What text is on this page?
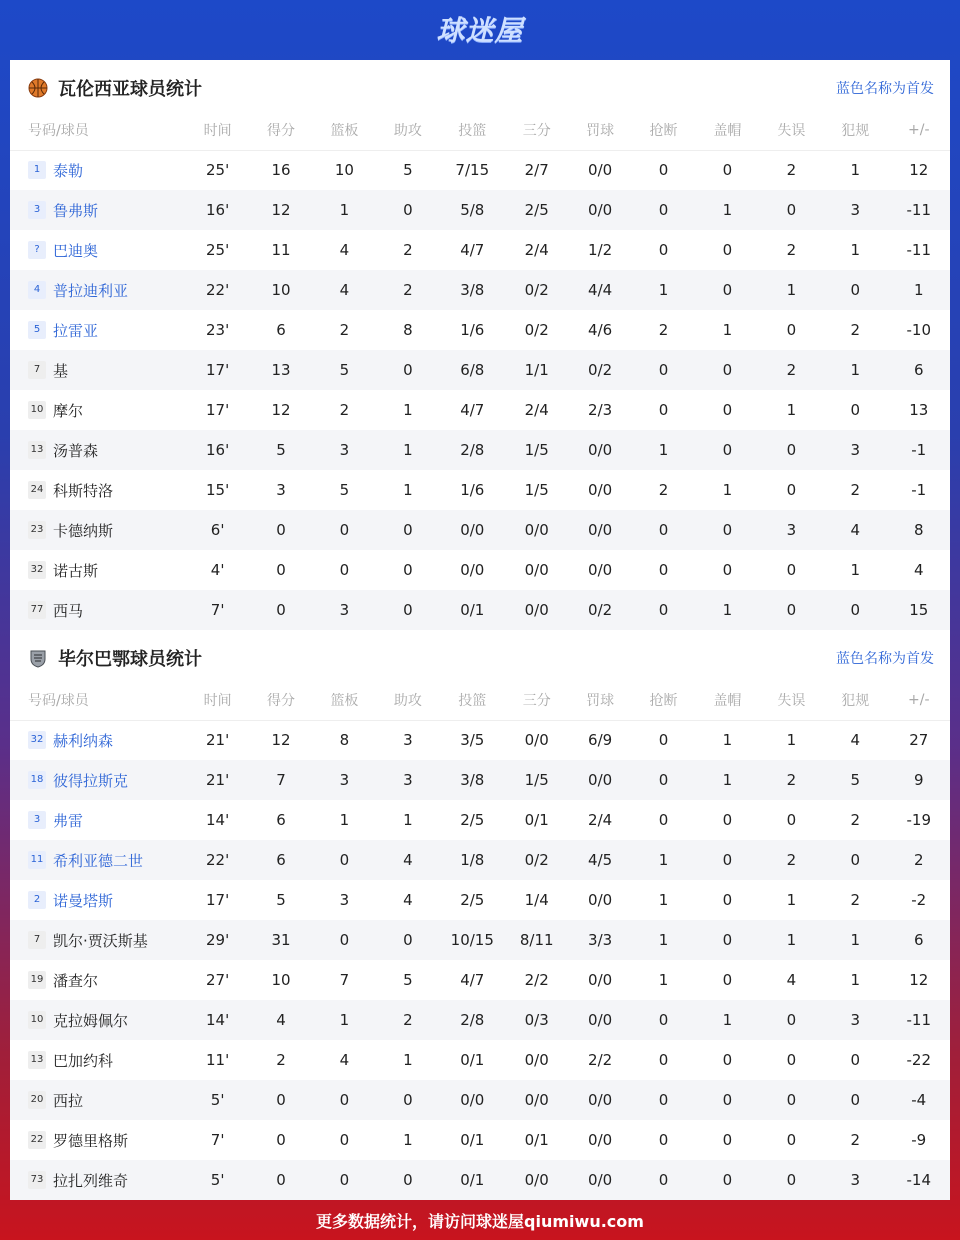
球迷屋
瓦伦西亚球员统计	蓝色名称为首发
号码/球员	时间	得分	篮板	助攻	投篮	三分	罚球	抢断	盖帽	失误	犯规	+/-
1 泰勒	25'	16	10	5	7/15	2/7	0/0	0	0	2	1	12
3 鲁弗斯	16'	12	1	0	5/8	2/5	0/0	0	1	0	3	-11
? 巴迪奥	25'	11	4	2	4/7	2/4	1/2	0	0	2	1	-11
4 普拉迪利亚	22'	10	4	2	3/8	0/2	4/4	1	0	1	0	1
5 拉雷亚	23'	6	2	8	1/6	0/2	4/6	2	1	0	2	-10
7 基	17'	13	5	0	6/8	1/1	0/2	0	0	2	1	6
10 摩尔	17'	12	2	1	4/7	2/4	2/3	0	0	1	0	13
13 汤普森	16'	5	3	1	2/8	1/5	0/0	1	0	0	3	-1
24 科斯特洛	15'	3	5	1	1/6	1/5	0/0	2	1	0	2	-1
23 卡德纳斯	6'	0	0	0	0/0	0/0	0/0	0	0	3	4	8
32 诺古斯	4'	0	0	0	0/0	0/0	0/0	0	0	0	1	4
77 西马	7'	0	3	0	0/1	0/0	0/2	0	1	0	0	15
毕尔巴鄂球员统计	蓝色名称为首发
号码/球员	时间	得分	篮板	助攻	投篮	三分	罚球	抢断	盖帽	失误	犯规	+/-
32 赫利纳森	21'	12	8	3	3/5	0/0	6/9	0	1	1	4	27
18 彼得拉斯克	21'	7	3	3	3/8	1/5	0/0	0	1	2	5	9
3 弗雷	14'	6	1	1	2/5	0/1	2/4	0	0	0	2	-19
11 希利亚德二世	22'	6	0	4	1/8	0/2	4/5	1	0	2	0	2
2 诺曼塔斯	17'	5	3	4	2/5	1/4	0/0	1	0	1	2	-2
7 凯尔·贾沃斯基	29'	31	0	0	10/15	8/11	3/3	1	0	1	1	6
19 潘查尔	27'	10	7	5	4/7	2/2	0/0	1	0	4	1	12
10 克拉姆佩尔	14'	4	1	2	2/8	0/3	0/0	0	1	0	3	-11
13 巴加约科	11'	2	4	1	0/1	0/0	2/2	0	0	0	0	-22
20 西拉	5'	0	0	0	0/0	0/0	0/0	0	0	0	0	-4
22 罗德里格斯	7'	0	0	1	0/1	0/1	0/0	0	0	0	2	-9
73 拉扎列维奇	5'	0	0	0	0/1	0/0	0/0	0	0	0	3	-14
更多数据统计，请访问球迷屋qiumiwu.com
